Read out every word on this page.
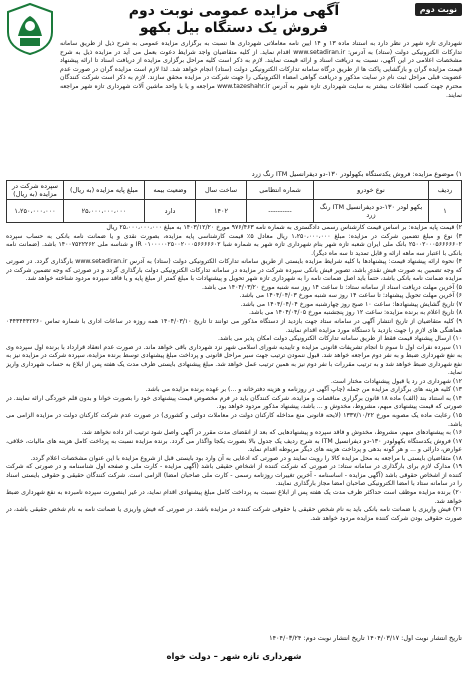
نوبت دوم
آگهی مزایده عمومی نوبت دوم
فروش یک دستگاه بیل بکهو
شهرداری تازه شهر در نظر دارد به استناد ماده ۱۳ و ۱۴ آیین نامه معاملاتی شهرداری ها نسبت به برگزاری مزایده عمومی به شرح ذیل از طریق سامانه تدارکات الکترونیکی دولت (ستاد) به آدرس: www.setadiran.ir اقدام نماید. از کلیه متقاضیان واجد شرایط دعوت بعمل می آید در مزایده ذیل به شرح مشخصات اعلامی در این آگهی، نسبت به دریافت اسناد و ارائه قیمت نمایند. لازم به ذکر است کلیه مراحل برگزاری مزایده از دریافت اسناد تا ارائه پیشنهاد قیمت مزایده گران و بازگشایی پاکت ها از طریق درگاه سامانه تدارکات الکترونیکی دولت (ستاد) انجام خواهد شد. لذا لازم است مزایده گران در صورت عدم عضویت قبلی مراحل ثبت نام در سایت مذکور و دریافت گواهی امضاء الکترونیکی را جهت شرکت در مزایده محقق سازند. لازم به ذکر است شرکت کنندگان محترم جهت کسب اطلاعات بیشتر به سایت شهرداری تازه شهر به آدرس www.tazeshahr.ir مراجعه و یا با واحد ماشین آلات شهرداری تازه شهر مراجعه نمایند.
۱) موضوع مزایده: فروش یکدستگاه بکهولودر ۱۳۰-دو دیفرانسیل ITM رنگ زرد
ردیف	نوع خودرو	شماره انتظامی	ساخت سال	وضعیت بیمه	مبلغ پایه مزایده (به ریال)	سپرده شرکت در مزایده (به ریال)
۱	بکهو لودر ۱۳۰-دو دیفرانسیل ITM رنگ زرد	----------	۱۴۰۲	دارد	۲۵،۰۰۰،۰۰۰،۰۰۰	۱،۲۵۰،۰۰۰،۰۰۰

۲) قیمت پایه مزایده: بر اساس قیمت کارشناس رسمی دادگستری به شماره نامه ۹۷۶/۴۶۳ مورخ ۱۴۰۳/۱۲/۲۰ به مبلغ ۲۵،۰۰۰،۰۰۰،۰۰۰ ریال

۳) نوع و مبلغ تضمین شرکت در مزایده: مبلغ ۱،۲۵۰،۰۰۰،۰۰۰ ریال معادل ۵٪ قیمت کارشناسی پایه مزایده، بصورت نقدی و یا ضمانت نامه بانکی به حساب سپرده ۲۵۰۰۲۰۰۰۵۶۶۶۶۶۰۲ بانک ملی ایران شعبه تازه شهر بنام شهرداری تازه شهر به شماره شبا IR ۰۱۰۰۰۰۰۲۵۰۰۲۰۰۰۵۶۶۶۶۶۰۲ و شناسه ملی ۱۴۰۰۷۵۲۲۲۶۲ باشد. (ضمانت نامه بانکی با اعتبار سه ماهه ارائه و قابل تمدید تا سه ماه دیگر).

۴) نحوه ارائه پیشنهاد قیمت: پیشنهادها با کلیه شرایط مزایده بایستی از طریق سامانه تدارکات الکترونیکی دولت (ستاد) به آدرس www.setadiran.ir بارگذاری گردد. در صورتی که وجه تضمین به صورت فیش نقدی باشد، تصویر فیش بانکی سپرده شرکت در مزایده در سامانه تدارکات الکترونیکی دولت بارگذاری گردد و در صورتی که وجه تضمین شرکت در مزایده ضمانت نامه بانکی باشد، حتماً باید اصل ضمانت نامه را به شهرداری تازه شهر تحویل و پیشنهادات با مبلغ کمتر از مبلغ پایه و یا فاقد سپرده مردود شناخته خواهد شد.

۵) آخرین مهلت دریافت اسناد از سامانه ستاد: تا ساعت ۱۴ روز سه شنبه مورخ ۱۴۰۴/۰۳/۲۰ می باشد.

۶) آخرین مهلت تحویل پیشنهاد: تا ساعت ۱۴ روز سه شنبه مورخ ۱۴۰۴/۰۴/۰۳ می باشد.

۷) تاریخ گشایش پیشنهادها: ساعت ۱۰ صبح روز چهارشنبه مورخ ۱۴۰۴/۰۴/۰۴ می باشد.

۸) تاریخ اعلام به برنده مزایده: ساعت ۱۲ روز پنجشنبه مورخ ۱۴۰۴/۰۴/۰۵ می باشد.

۹) کلیه متقاضیان از تاریخ انتشار آگهی در سامانه ستاد جهت بازدید از دستگاه مذکور می توانند تا تاریخ ۱۴۰۴/۰۳/۱۰ همه روزه در ساعات اداری با شماره تماس ۰۴۴۳۴۴۳۲۲۶۰ هماهنگی های لازم را جهت بازدید با دستگاه مورد مزایده اقدام نمایند.

۱۰) ارسال پیشنهاد قیمت فقط از طریق سامانه تدارکات الکترونیکی دولت امکان پذیر می باشد.

۱۱) سپرده نفرات اول تا سوم تا انجام تشریفات قانونی مزایده و تاییدیه شورای اسلامی شهر نزد شهرداری باقی خواهد ماند. در صورت عدم انعقاد قرارداد با برنده اول سپرده وی به نفع شهرداری ضبط و به نفر دوم مراجعه خواهد شد. قبول ننمودن ترتیب جهت سیر مراحل قانونی و پرداخت مبلغ پیشنهادی توسط برنده مزایده، سپرده شرکت در مزایده نیز به نفع شهرداری ضبط خواهد شد و به ترتیب مقررات با نفر دوم نیز به همین ترتیب عمل خواهد شد. مبلغ پیشنهادی بایستی ظرف مدت یک هفته پس از ابلاغ به حساب شهرداری واریز نماید.

۱۲) شهرداری در رد یا قبول پیشنهادات مختار است.

۱۳) کلیه هزینه های برگزاری مزایده من جمله (چاپ آگهی در روزنامه و هزینه دفترخانه و ...) بر عهده برنده مزایده می باشد.

۱۴) به استناد بند (الف) ماده ۱۸ قانون برگزاری مناقصات و مزایده، شرکت کنندگان باید در فرم مخصوص قیمت پیشنهادی خود را بصورت خوانا و بدون قلم خوردگی ارائه نمایند. در صورتی که قیمت پیشنهادی مبهم، مشروط، مخدوش و ... باشد، پیشنهاد مذکور مردود خواهد بود.

۱۵) رعایت ماده یک مصوبه مورخ ۱۳۳۷/۱۰/۲۲ (لایحه قانونی منع مداخله کارکنان دولت در معاملات دولتی و کشوری) در صورت عدم شرکت کارکنان دولت در مزایده الزامی می باشد.

۱۶) به پیشنهادهای مبهم، مشروط، مخدوش و فاقد سپرده و پیشنهادهایی که بعد از انقضای مدت مقرر در آگهی واصل شود ترتیب اثر داده نخواهد شد.

۱۷) فروش یکدستگاه بکهولودر ۱۳۰-دو دیفرانسیل ITM به شرح ردیف یک جدول بالا بصورت یکجا واگذار می گردد. برنده مزایده نسبت به پرداخت کامل هزینه های مالیات، خلافی، عوارض، دارائی و ... و هر گونه بدهی و پرداخت هزینه های دیگر مربوطه اقدام نماید.

۱۸) متقاضیان بایستی با مراجعه به محل مزایده کالا را رویت نمایند و در صورتی که ادعایی به آن وارد بود بایستی قبل از شروع مزایده با این عنوان مشخصات اعلام گردد.

۱۹) مدارک لازم برای بارگذاری در سامانه ستاد: در صورتی که شرکت کننده از اشخاص حقیقی باشد (آگهی مزایده - کارت ملی و صفحه اول شناسنامه و در صورتی که شرکت کننده از اشخاص حقوقی باشد (آگهی مزایده - اساسنامه - آخرین تغییرات روزنامه رسمی - کارت ملی صاحبان امضا) الزامی است. شرکت کنندگان حقیقی و حقوقی بایستی اسناد را در سامانه ستاد با امضا الکترونیکی صاحبان امضا مجاز بارگذاری نمایند.

۲۰) برنده مزایده موظف است حداکثر ظرف مدت یک هفته پس از ابلاغ نسبت به پرداخت کامل مبلغ پیشنهادی اقدام نماید، در غیر اینصورت سپرده نامبرده به نفع شهرداری ضبط خواهد شد.

۲۱) فیش واریزی یا ضمانت نامه بانکی باید به نام شخص حقیقی یا حقوقی شرکت کننده در مزایده باشد. در صورتی که فیش واریزی یا ضمانت نامه به نام شخص حقیقی باشد، در صورت حقوقی بودن شرکت کننده مزایده مردود خواهد شد.

تاریخ انتشار نوبت اول: ۱۴۰۴/۰۳/۱۷ تاریخ انتشار نوبت دوم: ۱۴۰۴/۰۳/۲۴
شهرداری تازه شهر – دولت خواه
